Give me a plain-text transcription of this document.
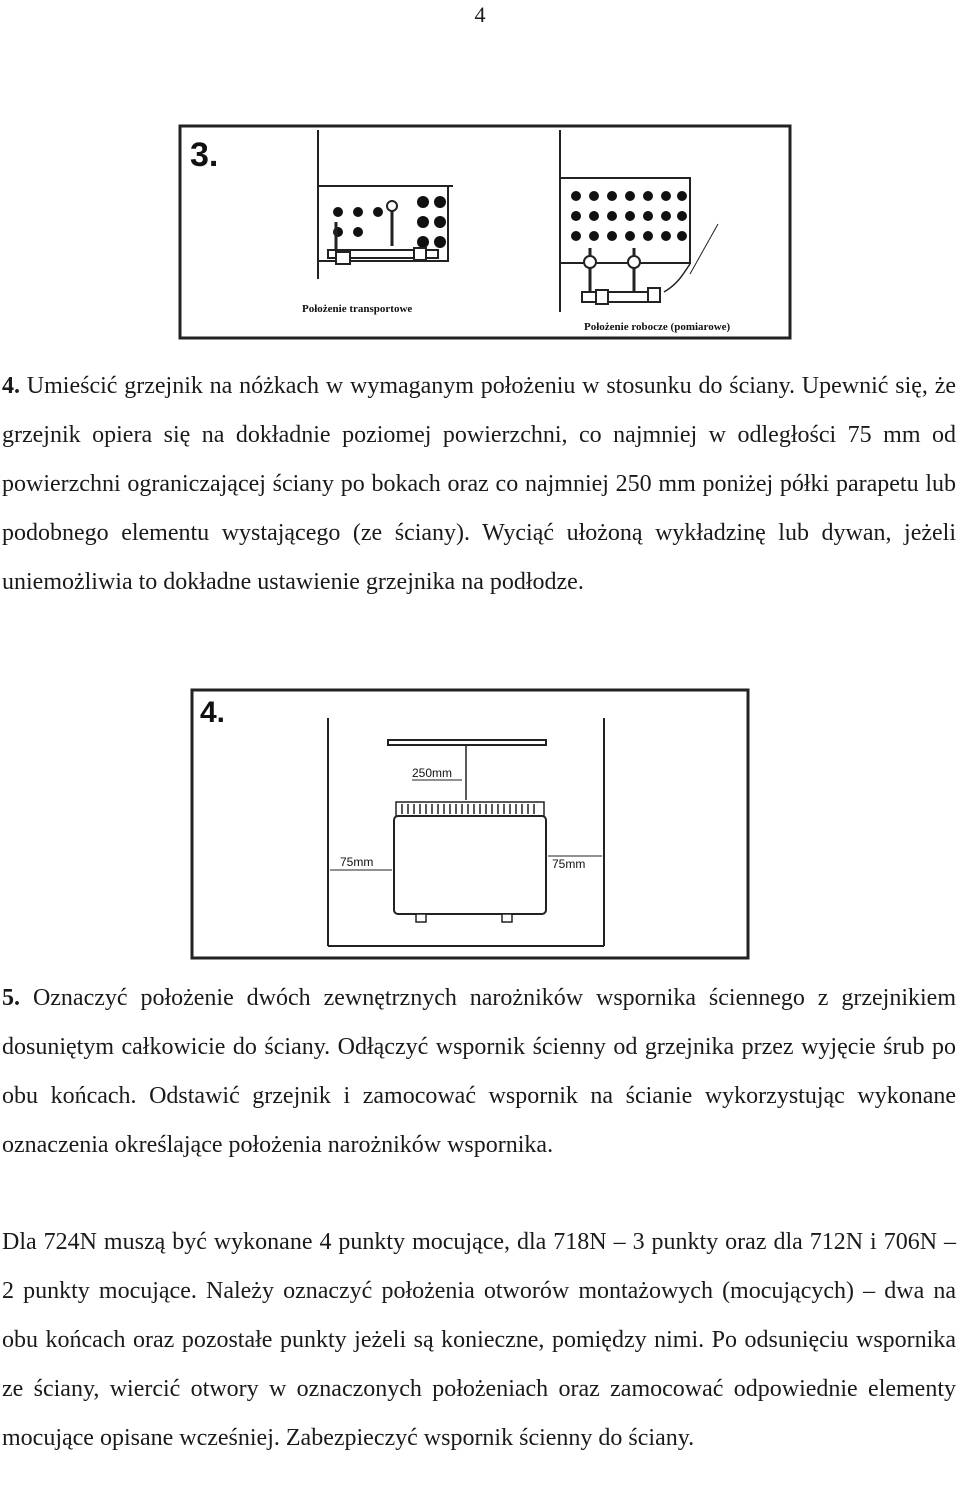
4
3.
Położenie transportowe
Położenie robocze (pomiarowe)

4. Umieścić grzejnik na nóżkach w wymaganym położeniu w stosunku do ściany. Upewnić się, że grzejnik opiera się na dokładnie poziomej powierzchni, co najmniej w odległości 75 mm od powierzchni ograniczającej ściany po bokach oraz co najmniej 250 mm poniżej półki parapetu lub podobnego elementu wystającego (ze ściany). Wyciąć ułożoną wykładzinę lub dywan, jeżeli uniemożliwia to dokładne ustawienie grzejnika na podłodze.

4.
250mm
75mm	75mm

5. Oznaczyć położenie dwóch zewnętrznych narożników wspornika ściennego z grzejnikiem dosuniętym całkowicie do ściany. Odłączyć wspornik ścienny od grzejnika przez wyjęcie śrub po obu końcach. Odstawić grzejnik i zamocować wspornik na ścianie wykorzystując wykonane oznaczenia określające położenia narożników wspornika.

Dla 724N muszą być wykonane 4 punkty mocujące, dla 718N – 3 punkty oraz dla 712N i 706N – 2 punkty mocujące. Należy oznaczyć położenia otworów montażowych (mocujących) – dwa na obu końcach oraz pozostałe punkty jeżeli są konieczne, pomiędzy nimi. Po odsunięciu wspornika ze ściany, wiercić otwory w oznaczonych położeniach oraz zamocować odpowiednie elementy mocujące opisane wcześniej. Zabezpieczyć wspornik ścienny do ściany.
